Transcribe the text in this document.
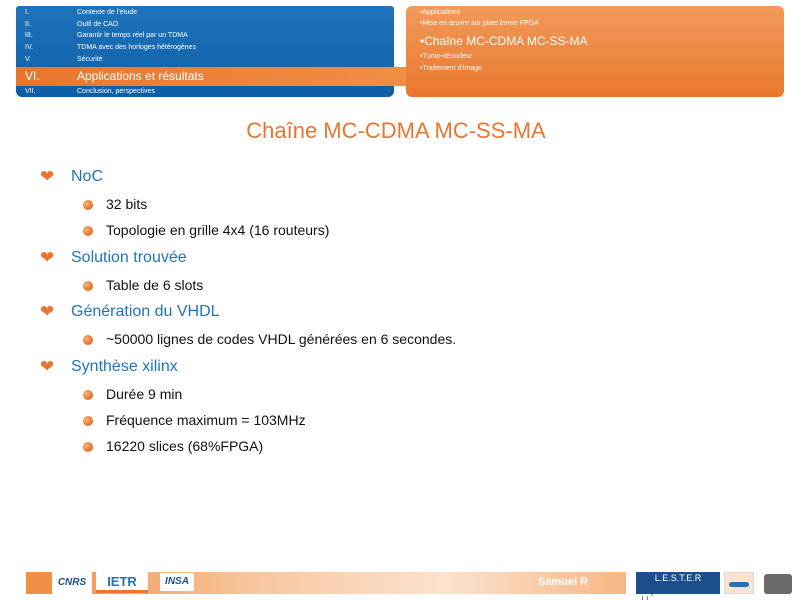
I.	Contexte de l'étude
II.	Outil de CAO
III.	Garantir le temps réel par un TDMA
IV.	TDMA avec des horloges hétérogènes
V.	Sécurité
VI.	Applications et résultats
VII.	Conclusion, perspectives
•Applications
•Mise en œuvre sur plate forme FPGA
•Chaîne MC-CDMA MC-SS-MA
•Turbo-décodeur
•Traitement d'image
Chaîne MC-CDMA MC-SS-MA
❤	NoC
32 bits
Topologie en grille 4x4 (16 routeurs)
❤	Solution trouvée
Table de 6 slots
❤	Génération du VHDL
~50000 lignes de codes VHDL générées en 6 secondes.
❤	Synthèse xilinx
Durée 9 min
Fréquence maximum = 103MHz
16220 slices (68%FPGA)
CNRS	IETR	INSA	Samuel R	L.E.S.T.E.R
╷╷╵
